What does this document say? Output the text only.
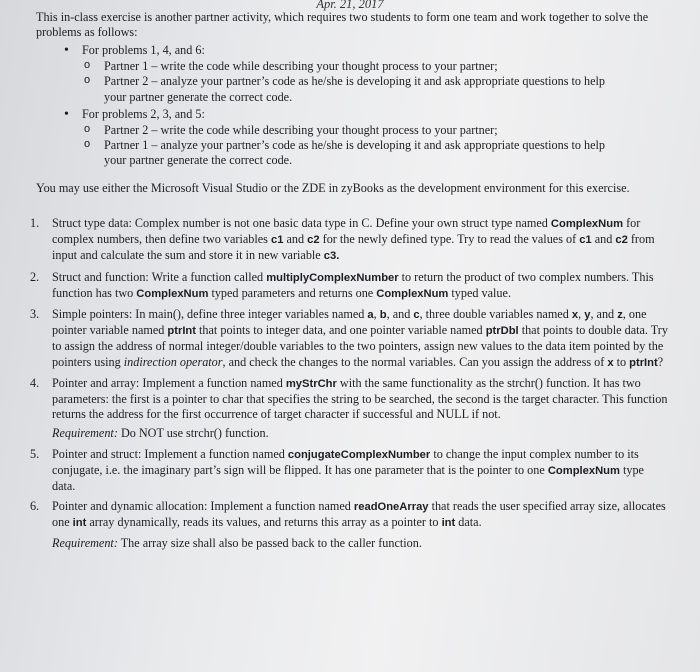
Apr. 21, 2017

This in-class exercise is another partner activity, which requires two students to form one team and work together to solve the problems as follows:

• For problems 1, 4, and 6:
o Partner 1 – write the code while describing your thought process to your partner;
o Partner 2 – analyze your partner’s code as he/she is developing it and ask appropriate questions to help your partner generate the correct code.
• For problems 2, 3, and 5:
o Partner 2 – write the code while describing your thought process to your partner;
o Partner 1 – analyze your partner’s code as he/she is developing it and ask appropriate questions to help your partner generate the correct code.

You may use either the Microsoft Visual Studio or the ZDE in zyBooks as the development environment for this exercise.

1. Struct type data: Complex number is not one basic data type in C. Define your own struct type named ComplexNum for complex numbers, then define two variables c1 and c2 for the newly defined type. Try to read the values of c1 and c2 from input and calculate the sum and store it in new variable c3.

2. Struct and function: Write a function called multiplyComplexNumber to return the product of two complex numbers. This function has two ComplexNum typed parameters and returns one ComplexNum typed value.

3. Simple pointers: In main(), define three integer variables named a, b, and c, three double variables named x, y, and z, one pointer variable named ptrInt that points to integer data, and one pointer variable named ptrDbl that points to double data. Try to assign the address of normal integer/double variables to the two pointers, assign new values to the data item pointed by the pointers using indirection operator, and check the changes to the normal variables. Can you assign the address of x to ptrInt?

4. Pointer and array: Implement a function named myStrChr with the same functionality as the strchr() function. It has two parameters: the first is a pointer to char that specifies the string to be searched, the second is the target character. This function returns the address for the first occurrence of target character if successful and NULL if not.

Requirement: Do NOT use strchr() function.

5. Pointer and struct: Implement a function named conjugateComplexNumber to change the input complex number to its conjugate, i.e. the imaginary part’s sign will be flipped. It has one parameter that is the pointer to one ComplexNum type data.

6. Pointer and dynamic allocation: Implement a function named readOneArray that reads the user specified array size, allocates one int array dynamically, reads its values, and returns this array as a pointer to int data.

Requirement: The array size shall also be passed back to the caller function.
